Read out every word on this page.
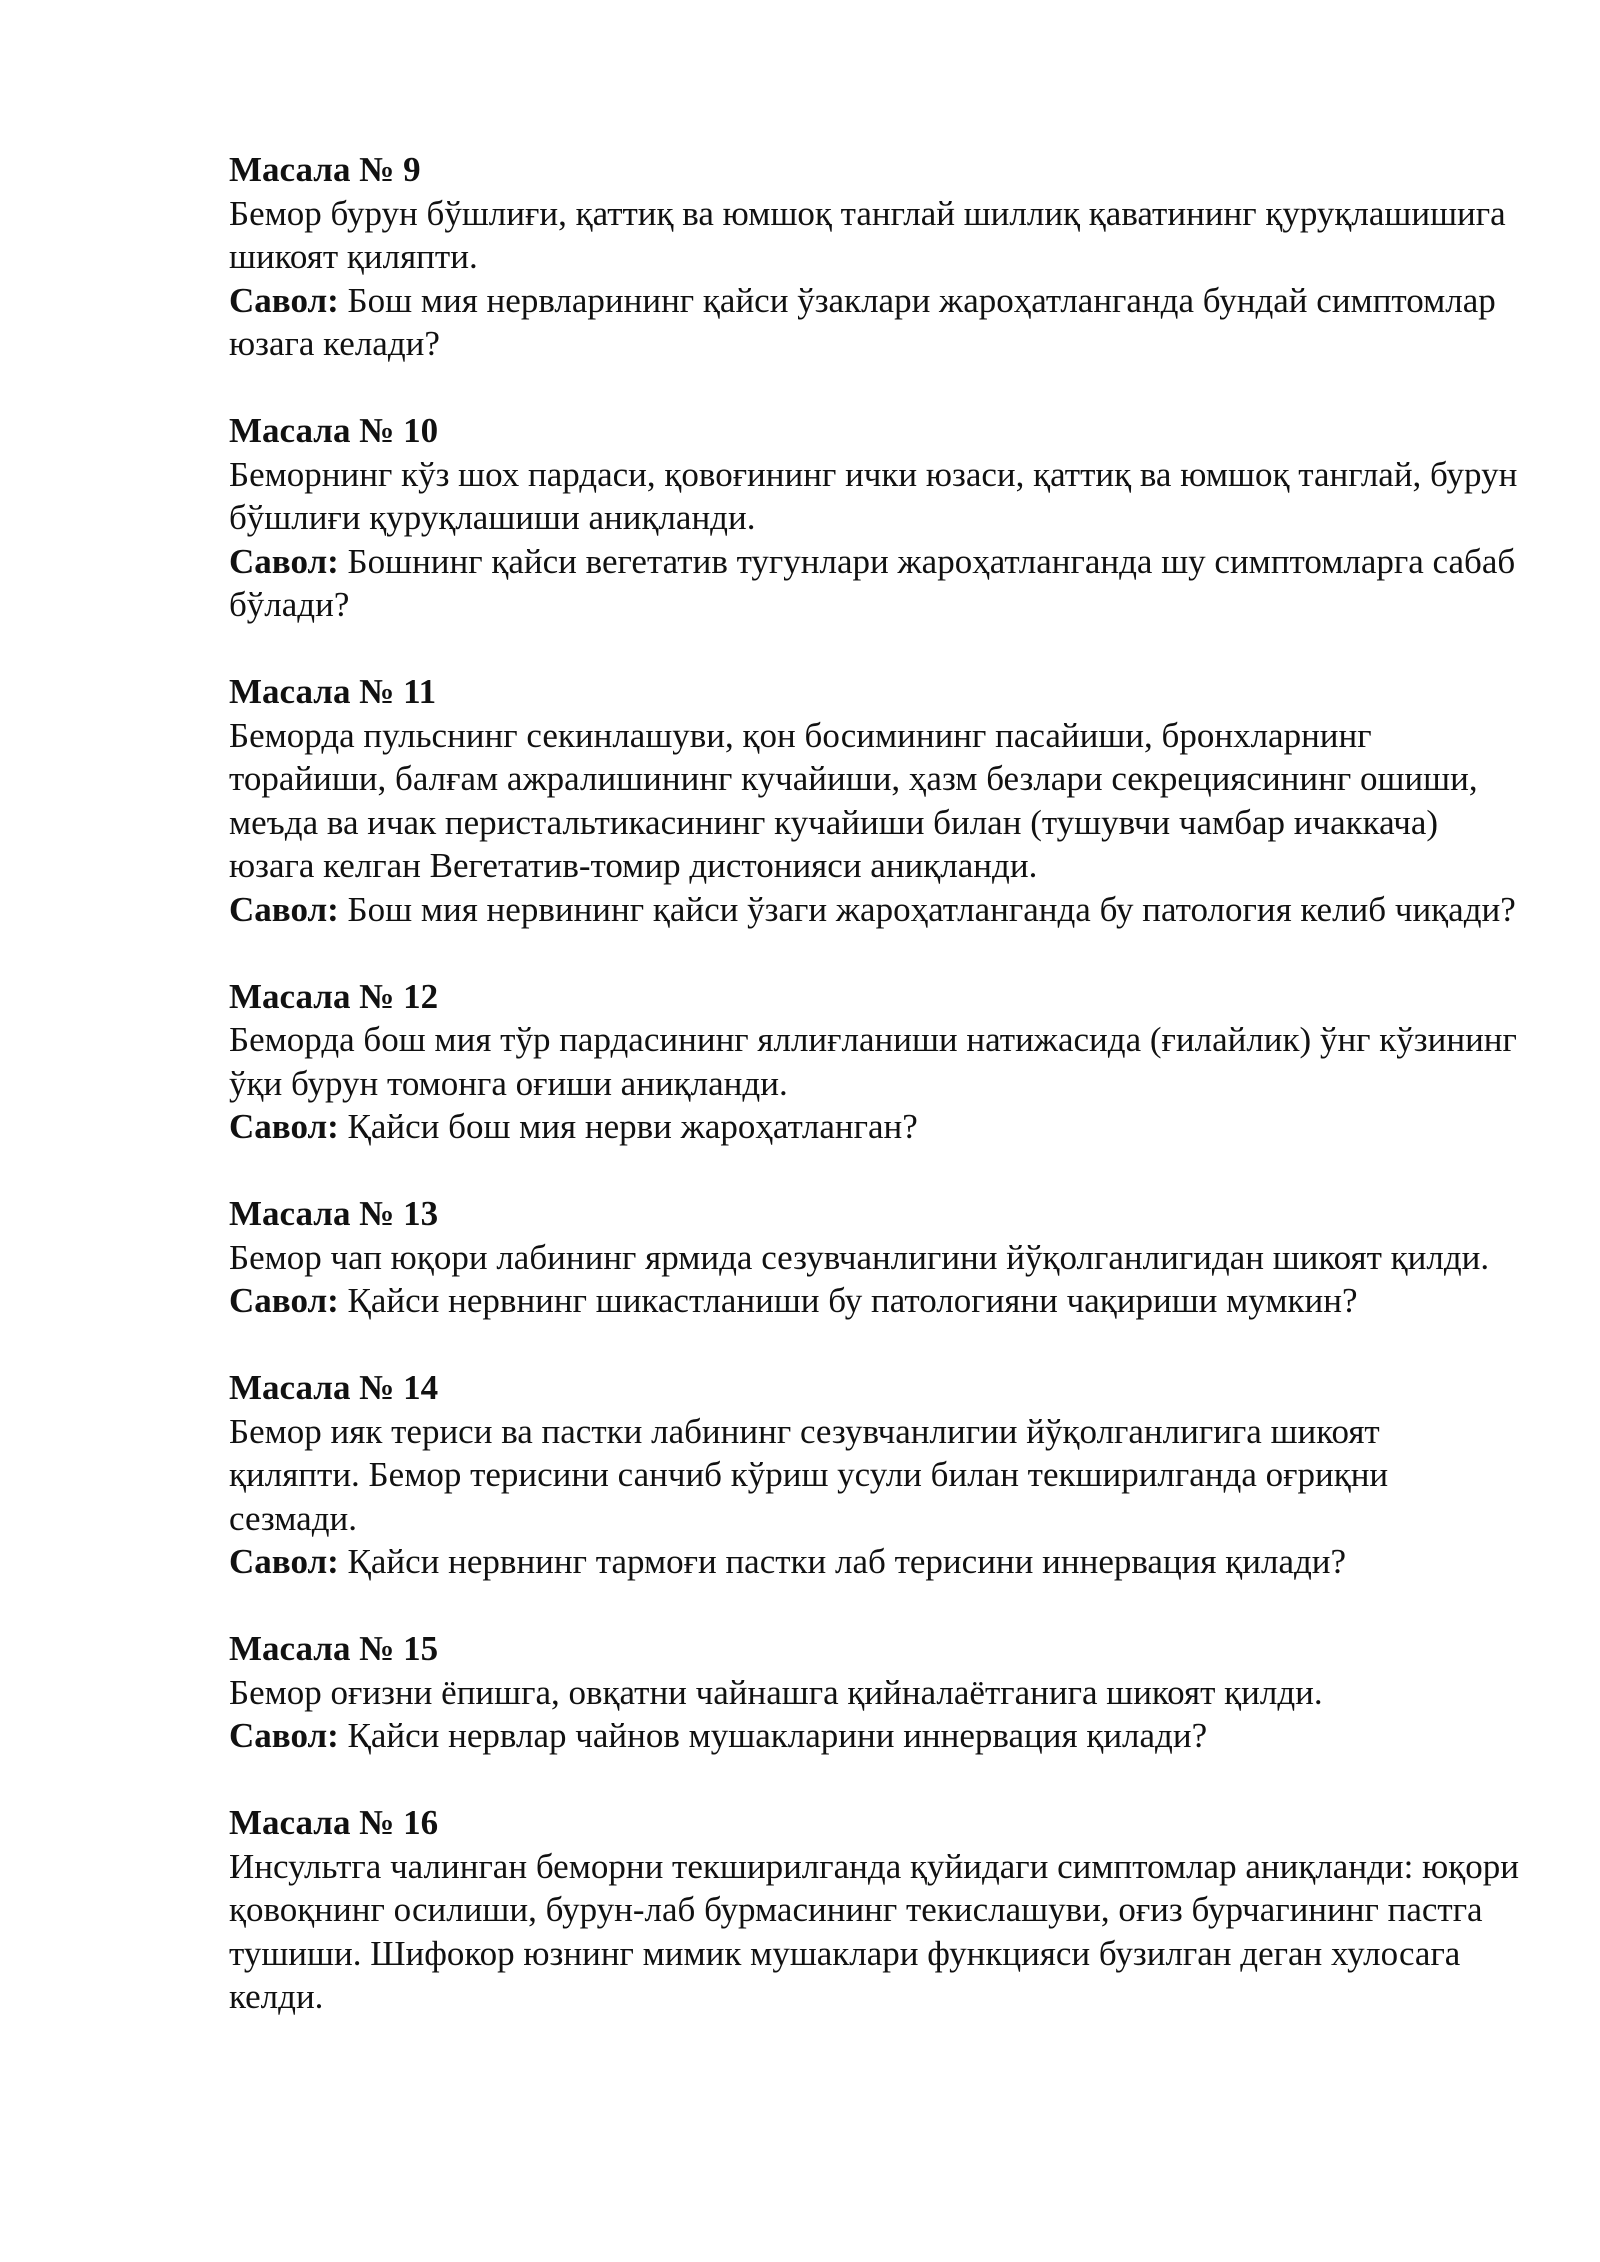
Масала № 9
Бемор бурун бўшлиғи, қаттиқ ва юмшоқ танглай шиллиқ қаватининг қуруқлашишига шикоят қиляпти.
Савол: Бош мия нервларининг қайси ўзаклари жароҳатланганда бундай симптомлар юзага келади?
Масала № 10
Беморнинг кўз шох пардаси, қовоғининг ички юзаси, қаттиқ ва юмшоқ танглай, бурун бўшлиғи қуруқлашиши аниқланди.
Савол: Бошнинг қайси вегетатив тугунлари жароҳатланганда шу симптомларга сабаб бўлади?
Масала № 11
Беморда пульснинг секинлашуви, қон босимининг пасайиши, бронхларнинг торайиши, балғам ажралишининг кучайиши, ҳазм безлари секрециясининг ошиши, меъда ва ичак перистальтикасининг кучайиши билан (тушувчи чамбар ичаккача) юзага келган Вегетатив-томир дистонияси аниқланди.
Савол: Бош мия нервининг қайси ўзаги жароҳатланганда бу патология келиб чиқади?
Масала № 12
Беморда бош мия тўр пардасининг яллиғланиши натижасида (ғилайлик) ўнг кўзининг ўқи бурун томонга оғиши аниқланди.
Савол: Қайси бош мия нерви жароҳатланган?
Масала № 13
Бемор чап юқори лабининг ярмида сезувчанлигини йўқолганлигидан шикоят қилди.
Савол: Қайси нервнинг шикастланиши бу патологияни чақириши мумкин?
Масала № 14
Бемор ияк териси ва пастки лабининг сезувчанлигии йўқолганлигига шикоят қиляпти. Бемор терисини санчиб кўриш усули билан текширилганда оғриқни сезмади.
Савол: Қайси нервнинг тармоғи пастки лаб терисини иннервация қилади?
Масала № 15
Бемор оғизни ёпишга, овқатни чайнашга қийналаётганига шикоят қилди.
Савол: Қайси нервлар чайнов мушакларини иннервация қилади?
Масала № 16
Инсультга чалинган беморни текширилганда қуйидаги симптомлар аниқланди: юқори қовоқнинг осилиши, бурун-лаб бурмасининг текислашуви, оғиз бурчагининг пастга тушиши. Шифокор юзнинг мимик мушаклари функцияси бузилган деган хулосага келди.
